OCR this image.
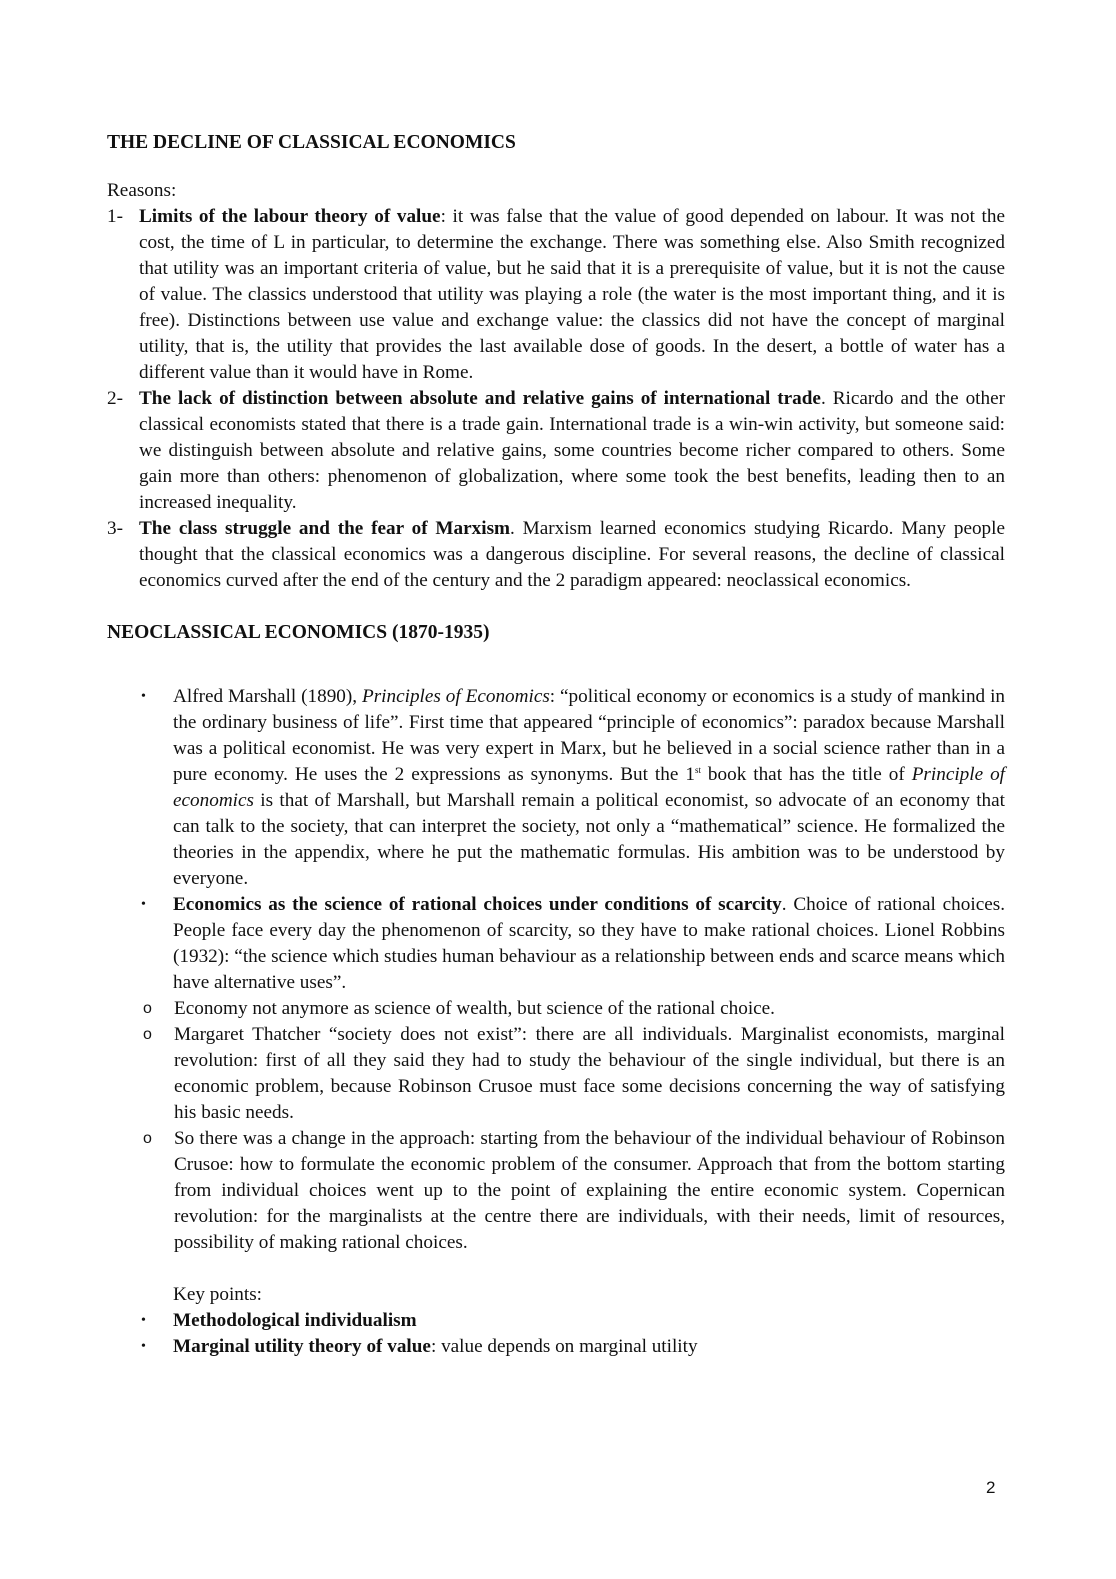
THE DECLINE OF CLASSICAL ECONOMICS

Reasons:

1- Limits of the labour theory of value: it was false that the value of good depended on labour. It was not the cost, the time of L in particular, to determine the exchange. There was something else. Also Smith recognized that utility was an important criteria of value, but he said that it is a prerequisite of value, but it is not the cause of value. The classics understood that utility was playing a role (the water is the most important thing, and it is free). Distinctions between use value and exchange value: the classics did not have the concept of marginal utility, that is, the utility that provides the last available dose of goods. In the desert, a bottle of water has a different value than it would have in Rome.
2- The lack of distinction between absolute and relative gains of international trade. Ricardo and the other classical economists stated that there is a trade gain. International trade is a win-win activity, but someone said: we distinguish between absolute and relative gains, some countries become richer compared to others. Some gain more than others: phenomenon of globalization, where some took the best benefits, leading then to an increased inequality.
3- The class struggle and the fear of Marxism. Marxism learned economics studying Ricardo. Many people thought that the classical economics was a dangerous discipline. For several reasons, the decline of classical economics curved after the end of the century and the 2 paradigm appeared: neoclassical economics.
NEOCLASSICAL ECONOMICS (1870-1935)
• Alfred Marshall (1890), Principles of Economics: “political economy or economics is a study of mankind in the ordinary business of life”. First time that appeared “principle of economics”: paradox because Marshall was a political economist. He was very expert in Marx, but he believed in a social science rather than in a pure economy. He uses the 2 expressions as synonyms. But the 1st book that has the title of Principle of economics is that of Marshall, but Marshall remain a political economist, so advocate of an economy that can talk to the society, that can interpret the society, not only a “mathematical” science. He formalized the theories in the appendix, where he put the mathematic formulas. His ambition was to be understood by everyone.
• Economics as the science of rational choices under conditions of scarcity. Choice of rational choices. People face every day the phenomenon of scarcity, so they have to make rational choices. Lionel Robbins (1932): “the science which studies human behaviour as a relationship between ends and scarce means which have alternative uses”.
o Economy not anymore as science of wealth, but science of the rational choice.
o Margaret Thatcher “society does not exist”: there are all individuals. Marginalist economists, marginal revolution: first of all they said they had to study the behaviour of the single individual, but there is an economic problem, because Robinson Crusoe must face some decisions concerning the way of satisfying his basic needs.
o So there was a change in the approach: starting from the behaviour of the individual behaviour of Robinson Crusoe: how to formulate the economic problem of the consumer. Approach that from the bottom starting from individual choices went up to the point of explaining the entire economic system. Copernican revolution: for the marginalists at the centre there are individuals, with their needs, limit of resources, possibility of making rational choices.

Key points:

• Methodological individualism
• Marginal utility theory of value: value depends on marginal utility
2
